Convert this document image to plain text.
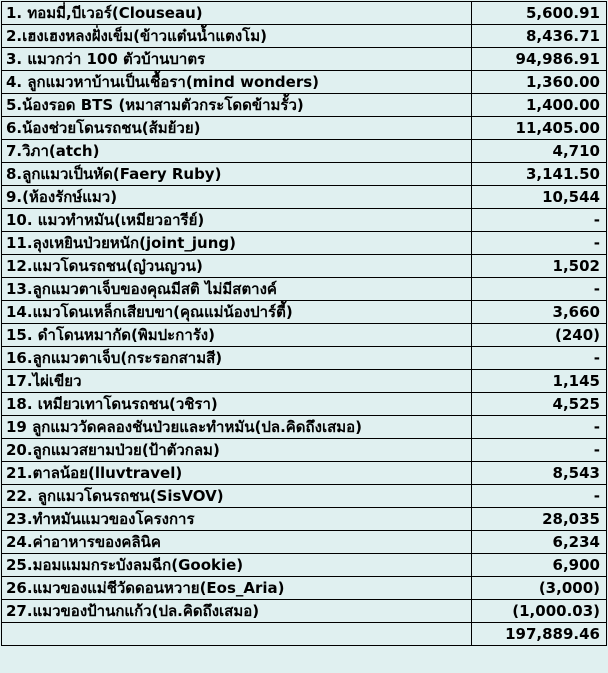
1. ทอมมี่,บีเวอร์(Clouseau)	5,600.91
2.เฮงเฮงหลงฝั่งเข็ม(ข้าวแต๋นน้ำแตงโม)	8,436.71
3. แมวกว่า 100 ตัวบ้านบาตร	94,986.91
4. ลูกแมวหาบ้านเป็นเชื้อรา(mind wonders)	1,360.00
5.น้องรอด BTS (หมาสามตัวกระโดดข้ามรั้ว)	1,400.00
6.น้องช่วยโดนรถชน(ส้มย้วย)	11,405.00
7.วิภา(atch)	4,710
8.ลูกแมวเป็นหัด(Faery Ruby)	3,141.50
9.(ห้องรักษ์แมว)	10,544
10. แมวทำหมัน(เหมียวอารีย์)	-
11.ลุงเหยินป่วยหนัก(joint_jung)	-
12.แมวโดนรถชน(ญ๋วนญวน)	1,502
13.ลูกแมวตาเจ็บของคุณมีสติ ไม่มีสตางค์	-
14.แมวโดนเหล็กเสียบขา(คุณแม่น้องปาร์ตี้)	3,660
15. ดำโดนหมากัด(พิมปะการัง)	(240)
16.ลูกแมวตาเจ็บ(กระรอกสามสี)	-
17.ไผ่เขียว	1,145
18. เหมียวเทาโดนรถชน(วชิรา)	4,525
19 ลูกแมววัดคลองชันป่วยและทำหมัน(ปล.คิดถึงเสมอ)	-
20.ลูกแมวสยามป่วย(ป้าตัวกลม)	-
21.ตาลน้อย(lluvtravel)	8,543
22. ลูกแมวโดนรถชน(SisVOV)	-
23.ทำหมันแมวของโครงการ	28,035
24.ค่าอาหารของคลินิค	6,234
25.มอมแมมกระบังลมฉีก(Gookie)	6,900
26.แมวของแม่ชีวัดดอนหวาย(Eos_Aria)	(3,000)
27.แมวของป้านกแก้ว(ปล.คิดถึงเสมอ)	(1,000.03)
	197,889.46
